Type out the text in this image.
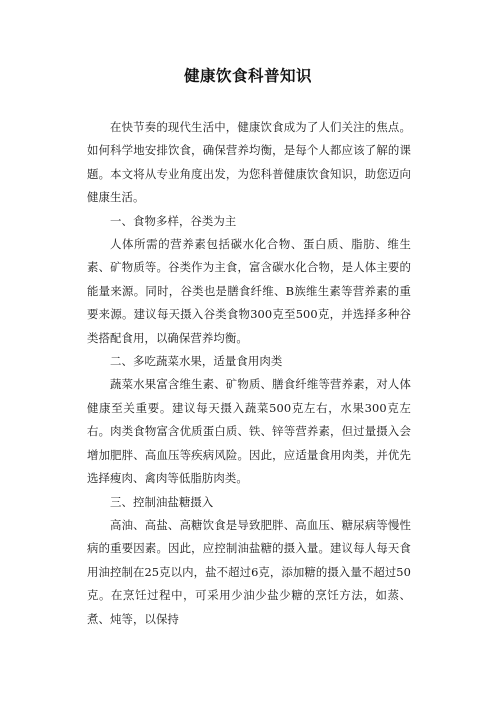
健康饮食科普知识

在快节奏的现代生活中，健康饮食成为了人们关注的焦点。如何科学地安排饮食，确保营养均衡，是每个人都应该了解的课题。本文将从专业角度出发，为您科普健康饮食知识，助您迈向健康生活。

一、食物多样，谷类为主

人体所需的营养素包括碳水化合物、蛋白质、脂肪、维生素、矿物质等。谷类作为主食，富含碳水化合物，是人体主要的能量来源。同时，谷类也是膳食纤维、B族维生素等营养素的重要来源。建议每天摄入谷类食物300克至500克，并选择多种谷类搭配食用，以确保营养均衡。

二、多吃蔬菜水果，适量食用肉类

蔬菜水果富含维生素、矿物质、膳食纤维等营养素，对人体健康至关重要。建议每天摄入蔬菜500克左右，水果300克左右。肉类食物富含优质蛋白质、铁、锌等营养素，但过量摄入会增加肥胖、高血压等疾病风险。因此，应适量食用肉类，并优先选择瘦肉、禽肉等低脂肪肉类。

三、控制油盐糖摄入

高油、高盐、高糖饮食是导致肥胖、高血压、糖尿病等慢性病的重要因素。因此，应控制油盐糖的摄入量。建议每人每天食用油控制在25克以内，盐不超过6克，添加糖的摄入量不超过50克。在烹饪过程中，可采用少油少盐少糖的烹饪方法，如蒸、煮、炖等，以保持
